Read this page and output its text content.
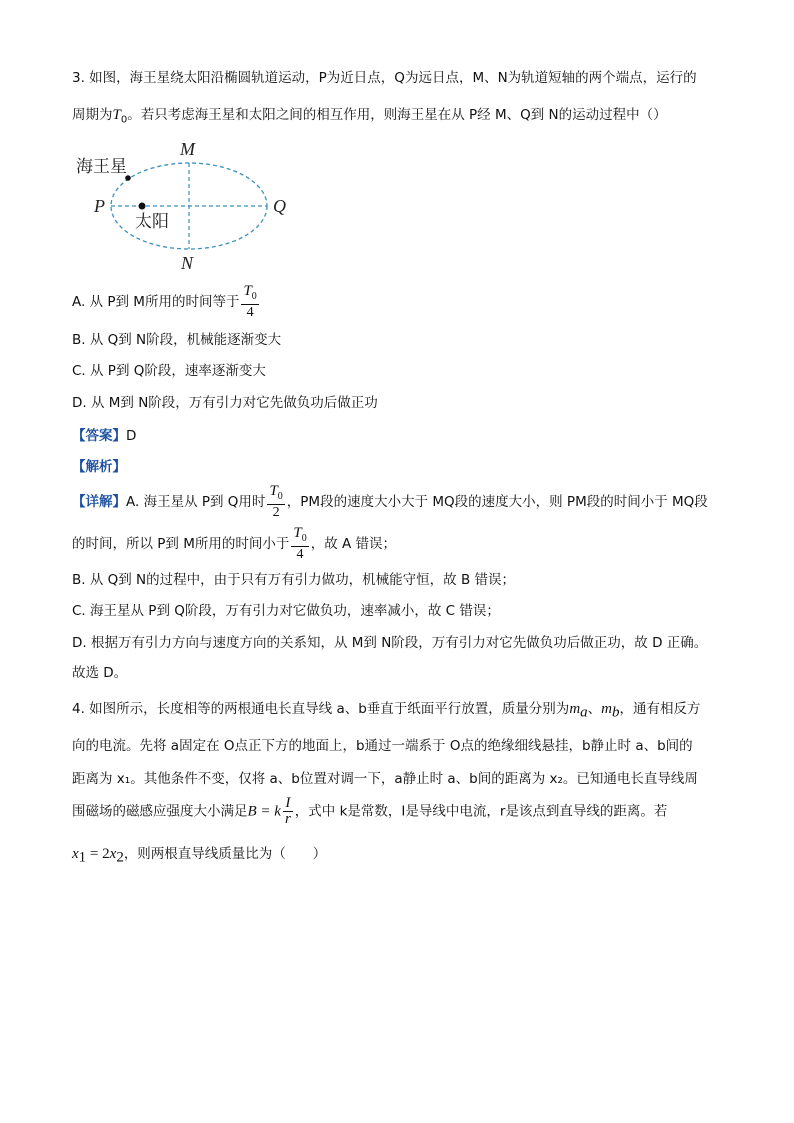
3. 如图，海王星绕太阳沿椭圆轨道运动，P为近日点，Q为远日点，M、N为轨道短轴的两个端点，运行的
周期为$T_0$。若只考虑海王星和太阳之间的相互作用，则海王星在从 P经 M、Q到 N的运动过程中（）
海王星
太阳
P	Q
M
N
A. 从 P到 M所用的时间等于 $\frac{T_0}{4}$
B. 从 Q到 N阶段，机械能逐渐变大
C. 从 P到 Q阶段，速率逐渐变大
D. 从 M到 N阶段，万有引力对它先做负功后做正功
【答案】D
【解析】
【详解】A. 海王星从 P到 Q用时 $\frac{T_0}{2}$ ，PM段的速度大小大于 MQ段的速度大小，则 PM段的时间小于 MQ段
的时间，所以 P到 M所用的时间小于 $\frac{T_0}{4}$ ，故 A 错误；
B. 从 Q到 N的过程中，由于只有万有引力做功，机械能守恒，故 B 错误；
C. 海王星从 P到 Q阶段，万有引力对它做负功，速率减小，故 C 错误；
D. 根据万有引力方向与速度方向的关系知，从 M到 N阶段，万有引力对它先做负功后做正功，故 D 正确。
故选 D。
4. 如图所示，长度相等的两根通电长直导线 a、b垂直于纸面平行放置，质量分别为$m_a$、$m_b$，通有相反方
向的电流。先将 a固定在 O点正下方的地面上，b通过一端系于 O点的绝缘细线悬挂，b静止时 a、b间的
距离为 x₁。其他条件不变，仅将 a、b位置对调一下，a静止时 a、b间的距离为 x₂。已知通电长直导线周
围磁场的磁感应强度大小满足B = k $\frac{I}{r}$ ，式中 k是常数，I是导线中电流，r是该点到直导线的距离。若
$x_1 = 2x_2$，则两根直导线质量比为（　　）
